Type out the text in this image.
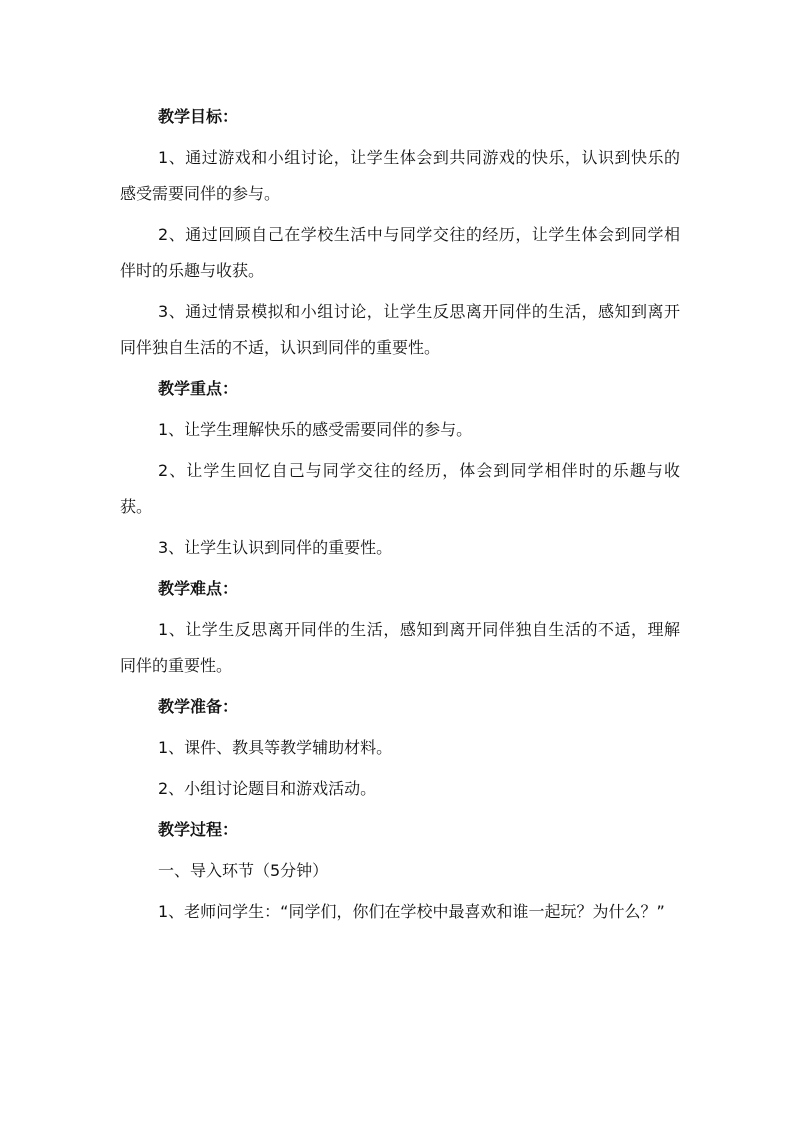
教学目标：

1、通过游戏和小组讨论，让学生体会到共同游戏的快乐，认识到快乐的感受需要同伴的参与。

2、通过回顾自己在学校生活中与同学交往的经历，让学生体会到同学相伴时的乐趣与收获。

3、通过情景模拟和小组讨论，让学生反思离开同伴的生活，感知到离开同伴独自生活的不适，认识到同伴的重要性。

教学重点：

1、让学生理解快乐的感受需要同伴的参与。

2、让学生回忆自己与同学交往的经历，体会到同学相伴时的乐趣与收获。

3、让学生认识到同伴的重要性。

教学难点：

1、让学生反思离开同伴的生活，感知到离开同伴独自生活的不适，理解同伴的重要性。

教学准备：

1、课件、教具等教学辅助材料。

2、小组讨论题目和游戏活动。

教学过程：

一、导入环节（5分钟）

1、老师问学生：“同学们，你们在学校中最喜欢和谁一起玩？为什么？”
